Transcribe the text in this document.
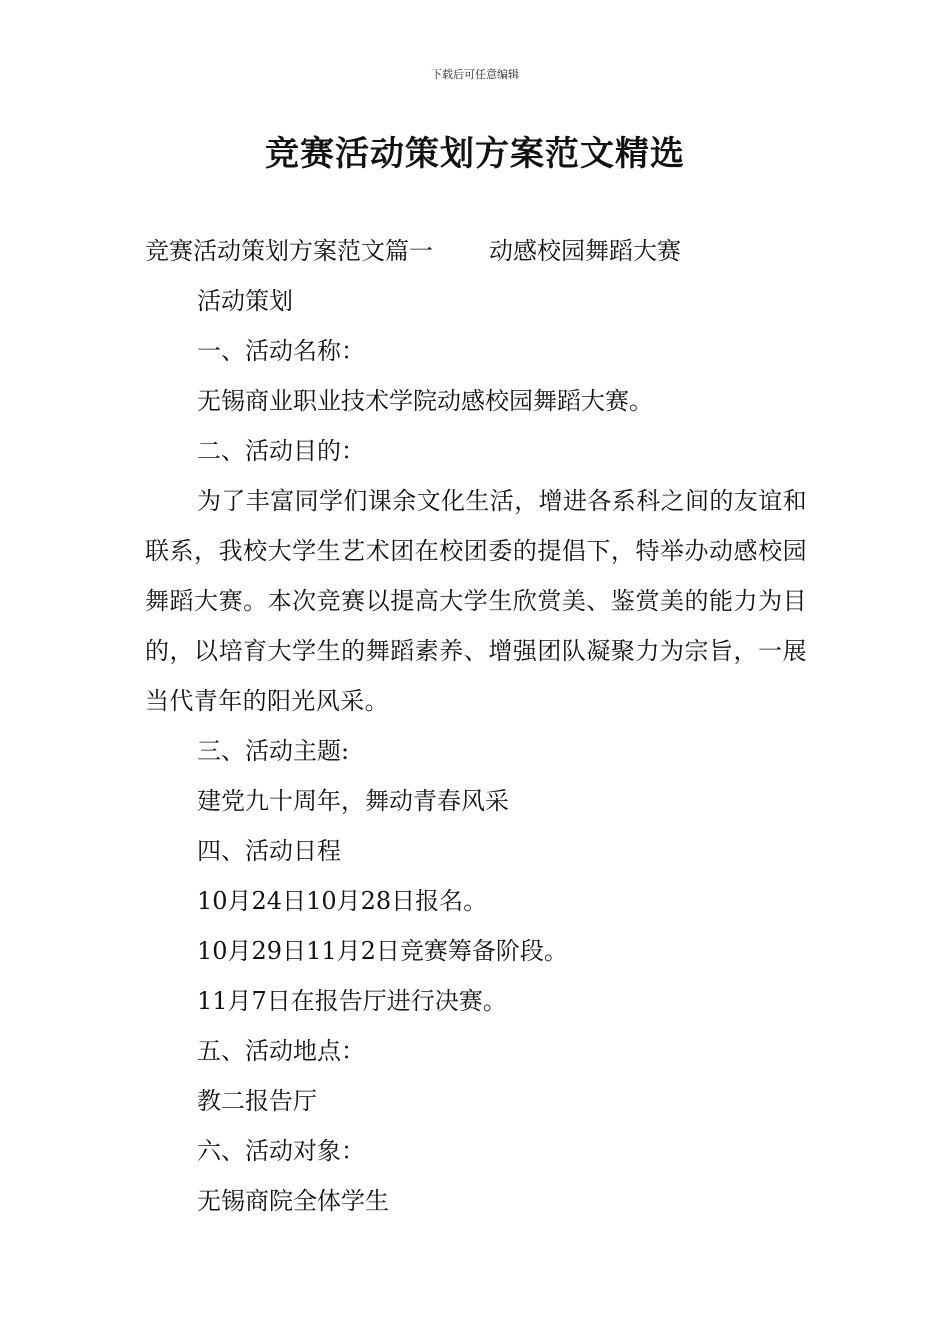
下载后可任意编辑
竞赛活动策划方案范文精选

竞赛活动策划方案范文篇一 动感校园舞蹈大赛

活动策划

一、活动名称：

无锡商业职业技术学院动感校园舞蹈大赛。

二、活动目的：

为了丰富同学们课余文化生活，增进各系科之间的友谊和联系，我校大学生艺术团在校团委的提倡下，特举办动感校园舞蹈大赛。本次竞赛以提高大学生欣赏美、鉴赏美的能力为目的，以培育大学生的舞蹈素养、增强团队凝聚力为宗旨，一展当代青年的阳光风采。

三、活动主题:

建党九十周年，舞动青春风采

四、活动日程

10月24日10月28日报名。

10月29日11月2日竞赛筹备阶段。

11月7日在报告厅进行决赛。

五、活动地点：

教二报告厅

六、活动对象：

无锡商院全体学生
